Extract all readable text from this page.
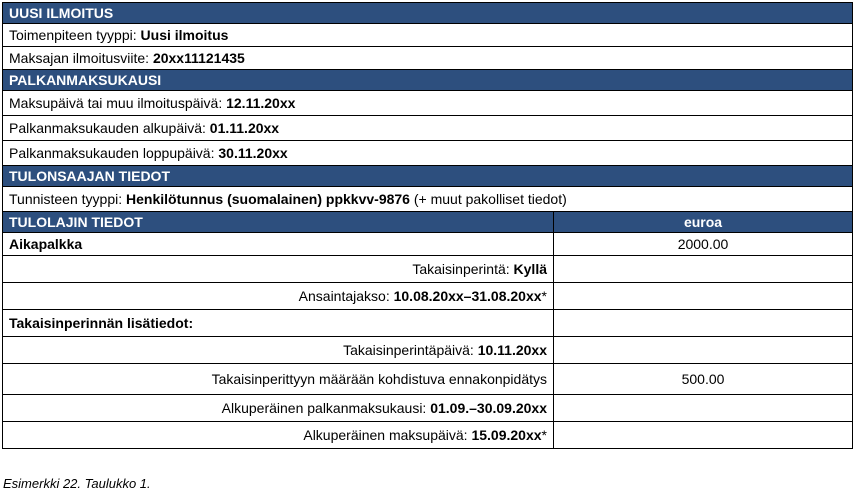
UUSI ILMOITUS	
Toimenpiteen tyyppi: Uusi ilmoitus	
Maksajan ilmoitusviite: 20xx11121435	
PALKANMAKSUKAUSI	
Maksupäivä tai muu ilmoituspäivä: 12.11.20xx	
Palkanmaksukauden alkupäivä: 01.11.20xx	
Palkanmaksukauden loppupäivä: 30.11.20xx	
TULONSAAJAN TIEDOT	
Tunnisteen tyyppi: Henkilötunnus (suomalainen) ppkkvv-9876 (+ muut pakolliset tiedot)	
TULOLAJIN TIEDOT	euroa
Aikapalkka	2000.00
Takaisinperintä: Kyllä	
Ansaintajakso: 10.08.20xx–31.08.20xx*	
Takaisinperinnän lisätiedot:	
Takaisinperintäpäivä: 10.11.20xx	
Takaisinperittyyn määrään kohdistuva ennakonpidätys	500.00
Alkuperäinen palkanmaksukausi: 01.09.–30.09.20xx	
Alkuperäinen maksupäivä: 15.09.20xx*	
Esimerkki 22. Taulukko 1.
